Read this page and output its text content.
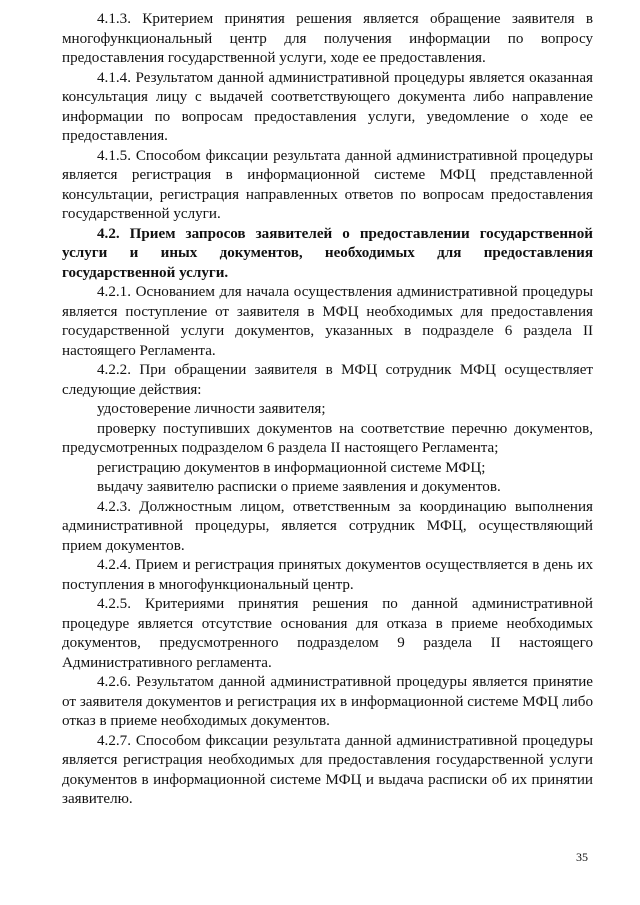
4.1.3. Критерием принятия решения является обращение заявителя в многофункциональный центр для получения информации по вопросу предоставления государственной услуги, ходе ее предоставления.

4.1.4. Результатом данной административной процедуры является оказанная консультация лицу с выдачей соответствующего документа либо направление информации по вопросам предоставления услуги, уведомление о ходе ее предоставления.

4.1.5. Способом фиксации результата данной административной процедуры является регистрация в информационной системе МФЦ представленной консультации, регистрация направленных ответов по вопросам предоставления государственной услуги.

4.2. Прием запросов заявителей о предоставлении государственной услуги и иных документов, необходимых для предоставления государственной услуги.

4.2.1. Основанием для начала осуществления административной процедуры является поступление от заявителя в МФЦ необходимых для предоставления государственной услуги документов, указанных в подразделе 6 раздела II настоящего Регламента.

4.2.2. При обращении заявителя в МФЦ сотрудник МФЦ осуществляет следующие действия:

удостоверение личности заявителя;

проверку поступивших документов на соответствие перечню документов, предусмотренных подразделом 6 раздела II настоящего Регламента;

регистрацию документов в информационной системе МФЦ;

выдачу заявителю расписки о приеме заявления и документов.

4.2.3. Должностным лицом, ответственным за координацию выполнения административной процедуры, является сотрудник МФЦ, осуществляющий прием документов.

4.2.4. Прием и регистрация принятых документов осуществляется в день их поступления в многофункциональный центр.

4.2.5. Критериями принятия решения по данной административной процедуре является отсутствие основания для отказа в приеме необходимых документов, предусмотренного подразделом 9 раздела II настоящего Административного регламента.

4.2.6. Результатом данной административной процедуры является принятие от заявителя документов и регистрация их в информационной системе МФЦ либо отказ в приеме необходимых документов.

4.2.7. Способом фиксации результата данной административной процедуры является регистрация необходимых для предоставления государственной услуги документов в информационной системе МФЦ и выдача расписки об их принятии заявителю.

35
